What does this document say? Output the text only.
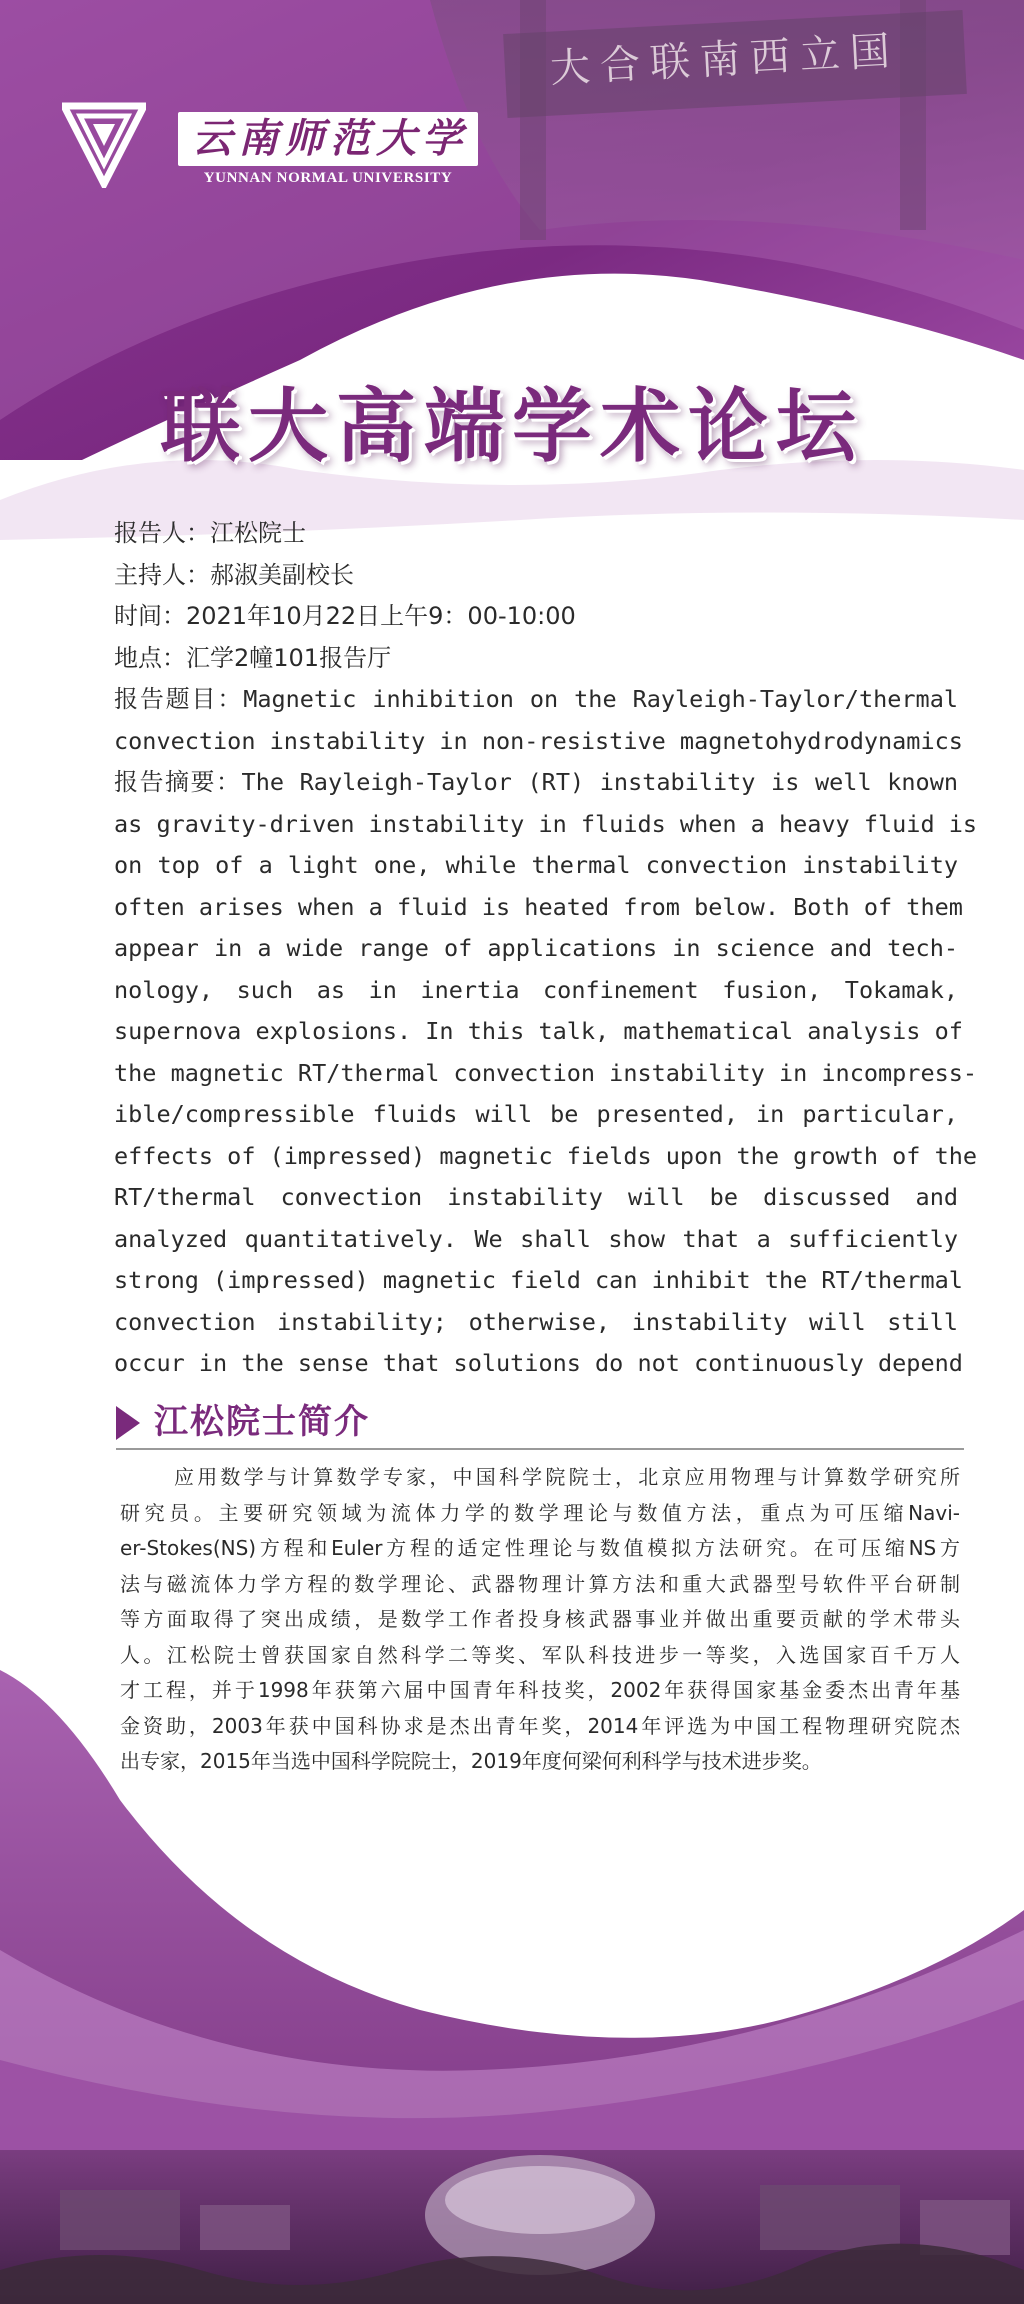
云南师范大学
YUNNAN NORMAL UNIVERSITY
大合联南西立国
联大高端学术论坛
报告人：江松院士
主持人：郝淑美副校长
时间：2021年10月22日上午9：00-10:00
地点：汇学2幢101报告厅
报告题目：Magnetic inhibition on the Rayleigh-Taylor/thermal
convection instability in non-resistive magnetohydrodynamics
报告摘要：The Rayleigh-Taylor (RT) instability is well known
as gravity-driven instability in fluids when a heavy fluid is
on top of a light one, while thermal convection instability
often arises when a fluid is heated from below. Both of them
appear in a wide range of applications in science and tech-
nology, such as in inertia confinement fusion, Tokamak,
supernova explosions. In this talk, mathematical analysis of
the magnetic RT/thermal convection instability in incompress-
ible/compressible fluids will be presented, in particular,
effects of (impressed) magnetic fields upon the growth of the
RT/thermal convection instability will be discussed and
analyzed quantitatively. We shall show that a sufficiently
strong (impressed) magnetic field can inhibit the RT/thermal
convection instability; otherwise, instability will still
occur in the sense that solutions do not continuously depend
江松院士简介
应用数学与计算数学专家，中国科学院院士，北京应用物理与计算数学研究所
研究员。主要研究领域为流体力学的数学理论与数值方法，重点为可压缩Navi-
er-Stokes(NS)方程和Euler方程的适定性理论与数值模拟方法研究。在可压缩NS方
法与磁流体力学方程的数学理论、武器物理计算方法和重大武器型号软件平台研制
等方面取得了突出成绩，是数学工作者投身核武器事业并做出重要贡献的学术带头
人。江松院士曾获国家自然科学二等奖、军队科技进步一等奖，入选国家百千万人
才工程，并于1998年获第六届中国青年科技奖，2002年获得国家基金委杰出青年基
金资助，2003年获中国科协求是杰出青年奖，2014年评选为中国工程物理研究院杰
出专家，2015年当选中国科学院院士，2019年度何梁何利科学与技术进步奖。
